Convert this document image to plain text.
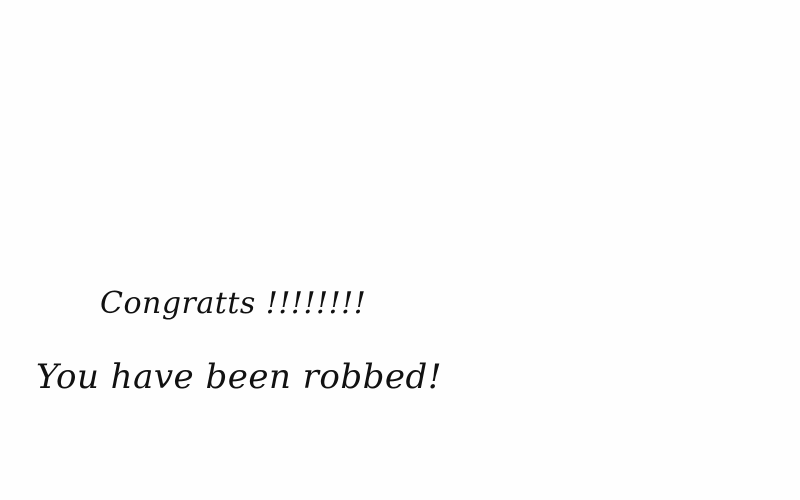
Congratts !!!!!!!!
You have been robbed!
